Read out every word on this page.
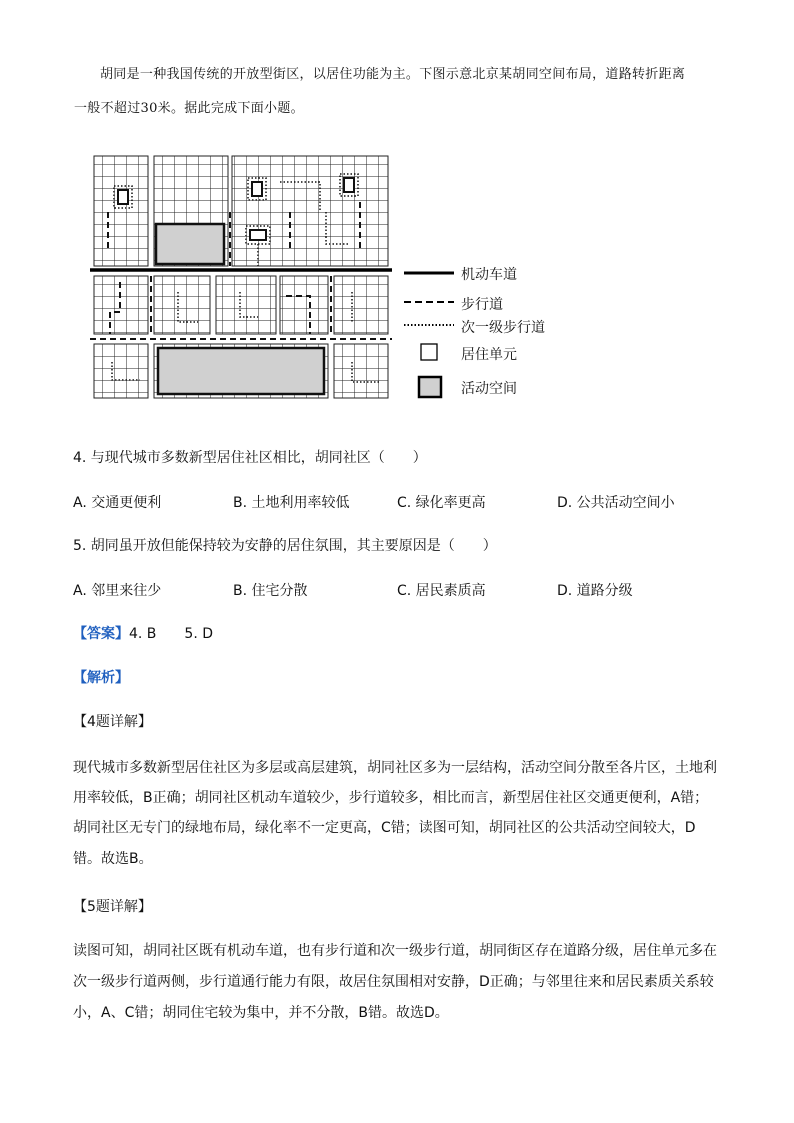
胡同是一种我国传统的开放型街区，以居住功能为主。下图示意北京某胡同空间布局，道路转折距离
一般不超过30米。据此完成下面小题。
机动车道
步行道
次一级步行道
居住单元
活动空间
4. 与现代城市多数新型居住社区相比，胡同社区（　　）
A. 交通更便利	B. 土地利用率较低	C. 绿化率更高	D. 公共活动空间小
5. 胡同虽开放但能保持较为安静的居住氛围，其主要原因是（　　）
A. 邻里来往少	B. 住宅分散	C. 居民素质高	D. 道路分级
【答案】4. B　　5. D
【解析】
【4题详解】
现代城市多数新型居住社区为多层或高层建筑，胡同社区多为一层结构，活动空间分散至各片区，土地利
用率较低，B正确；胡同社区机动车道较少，步行道较多，相比而言，新型居住社区交通更便利，A错；
胡同社区无专门的绿地布局，绿化率不一定更高，C错；读图可知，胡同社区的公共活动空间较大，D
错。故选B。
【5题详解】
读图可知，胡同社区既有机动车道，也有步行道和次一级步行道，胡同街区存在道路分级，居住单元多在
次一级步行道两侧，步行道通行能力有限，故居住氛围相对安静，D正确；与邻里往来和居民素质关系较
小，A、C错；胡同住宅较为集中，并不分散，B错。故选D。
